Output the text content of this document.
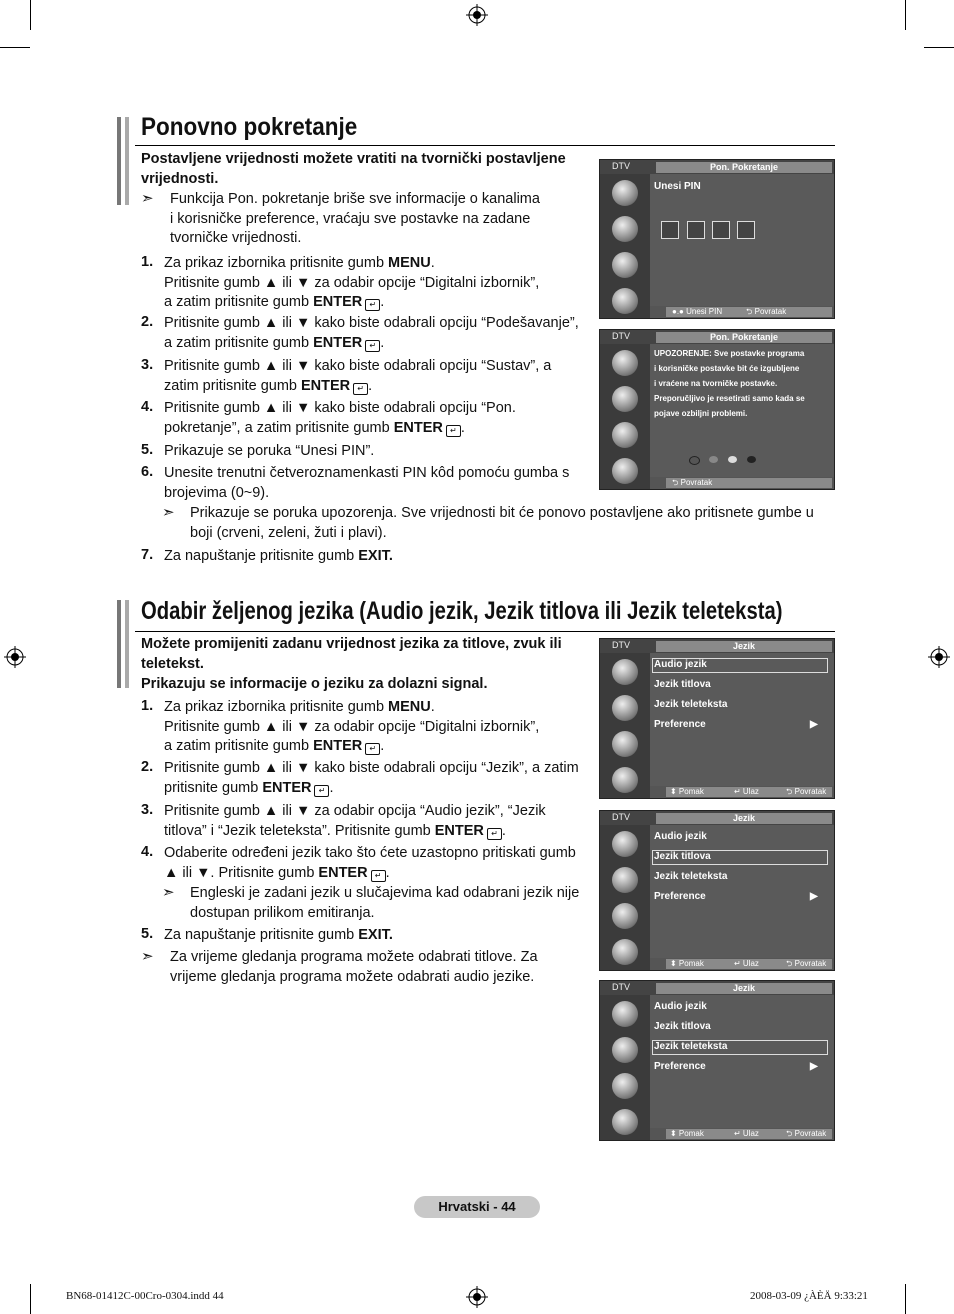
Ponovno pokretanje
Postavljene vrijednosti možete vratiti na tvornički postavljene vrijednosti.
➣ Funkcija Pon. pokretanje briše sve informacije o kanalima
i korisničke preference, vraćaju sve postavke na zadane
tvorničke vrijednosti.
1. Za prikaz izbornika pritisnite gumb MENU.
Pritisnite gumb ▲ ili ▼ za odabir opcije “Digitalni izbornik”,
a zatim pritisnite gumb ENTER ↵ .
2. Pritisnite gumb ▲ ili ▼ kako biste odabrali opciju “Podešavanje”,
a zatim pritisnite gumb ENTER ↵ .
3. Pritisnite gumb ▲ ili ▼ kako biste odabrali opciju “Sustav”, a
zatim pritisnite gumb ENTER ↵ .
4. Pritisnite gumb ▲ ili ▼ kako biste odabrali opciju “Pon.
pokretanje”, a zatim pritisnite gumb ENTER ↵ .
5. Prikazuje se poruka “Unesi PIN”.
6. Unesite trenutni četveroznamenkasti PIN kôd pomoću gumba s
brojevima (0~9).
➣ Prikazuje se poruka upozorenja. Sve vrijednosti bit će ponovo postavljene ako pritisnete gumbe u
boji (crveni, zeleni, žuti i plavi).
7. Za napuštanje pritisnite gumb EXIT.
DTV	Pon. Pokretanje
Unesi PIN
●.● Unesi PIN	⮌ Povratak
DTV	Pon. Pokretanje
UPOZORENJE: Sve postavke programa
i korisničke postavke bit će izgubljene
i vraćene na tvorničke postavke.
Preporučljivo je resetirati samo kada se
pojave ozbiljni problemi.
⮌ Povratak
Odabir željenog jezika (Audio jezik, Jezik titlova ili Jezik teleteksta)
Možete promijeniti zadanu vrijednost jezika za titlove, zvuk ili
teletekst.
Prikazuju se informacije o jeziku za dolazni signal.
1. Za prikaz izbornika pritisnite gumb MENU.
Pritisnite gumb ▲ ili ▼ za odabir opcije “Digitalni izbornik”,
a zatim pritisnite gumb ENTER ↵ .
2. Pritisnite gumb ▲ ili ▼ kako biste odabrali opciju “Jezik”, a zatim
pritisnite gumb ENTER ↵ .
3. Pritisnite gumb ▲ ili ▼ za odabir opcija “Audio jezik”, “Jezik
titlova” i “Jezik teleteksta”. Pritisnite gumb ENTER ↵ .
4. Odaberite određeni jezik tako što ćete uzastopno pritiskati gumb
▲ ili ▼. Pritisnite gumb ENTER ↵ .
➣ Engleski je zadani jezik u slučajevima kad odabrani jezik nije
dostupan prilikom emitiranja.
5. Za napuštanje pritisnite gumb EXIT.
➣ Za vrijeme gledanja programa možete odabrati titlove. Za
vrijeme gledanja programa možete odabrati audio jezike.
DTV	Jezik
Audio jezik
Jezik titlova
Jezik teleteksta
Preference	▶
⬍ Pomak	↵ Ulaz	⮌ Povratak
DTV	Jezik
Audio jezik
Jezik titlova
Jezik teleteksta
Preference	▶
⬍ Pomak	↵ Ulaz	⮌ Povratak
DTV	Jezik
Audio jezik
Jezik titlova
Jezik teleteksta
Preference	▶
⬍ Pomak	↵ Ulaz	⮌ Povratak
Hrvatski - 44
BN68-01412C-00Cro-0304.indd 44	2008-03-09 ¿ÀÈÄ 9:33:21
